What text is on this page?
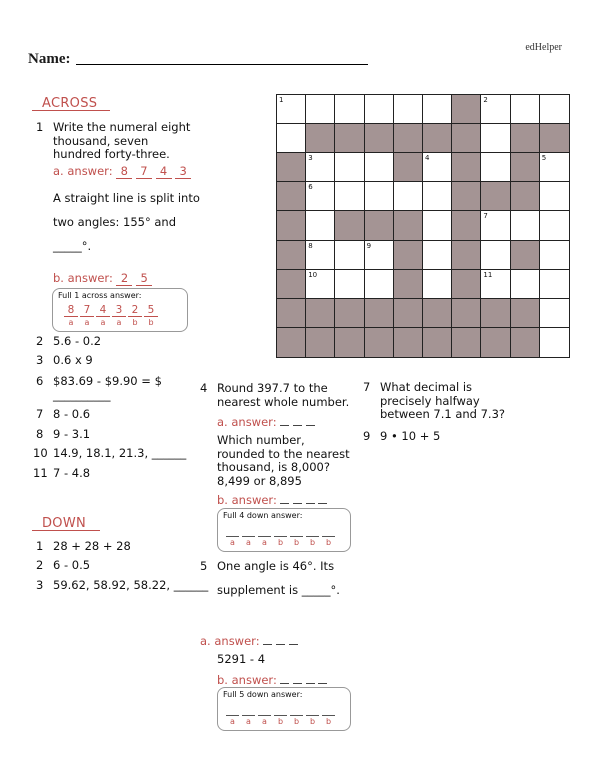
edHelper
Name:
ACROSS
1 Write the numeral eight
thousand, seven
hundred forty-three.
a. answer: 8 7 4 3
A straight line is split into
two angles: 155° and
_____°.
b. answer: 2 5
Full 1 across answer:
8
a
7
a
4
a
3
a
2
b
5
b
2 5.6 - 0.2
3 0.6 x 9
6 $83.69 - $9.90 = $
__________
7 8 - 0.6
8 9 - 3.1
10 14.9, 18.1, 21.3, ______
11 7 - 4.8
DOWN
1 28 + 28 + 28
2 6 - 0.5
3 59.62, 58.92, 58.22, ______
4 Round 397.7 to the
nearest whole number.
a. answer:
Which number,
rounded to the nearest
thousand, is 8,000?
8,499 or 8,895
b. answer:
Full 4 down answer:
a	a	a	b	b	b	b
5 One angle is 46°. Its
supplement is _____°.
a. answer:
5291 - 4
b. answer:
Full 5 down answer:
a	a	a	b	b	b	b
7 What decimal is
precisely halfway
between 7.1 and 7.3?
9 9 • 10 + 5
1	2
3	4	5
6
7
8	9
10	11
